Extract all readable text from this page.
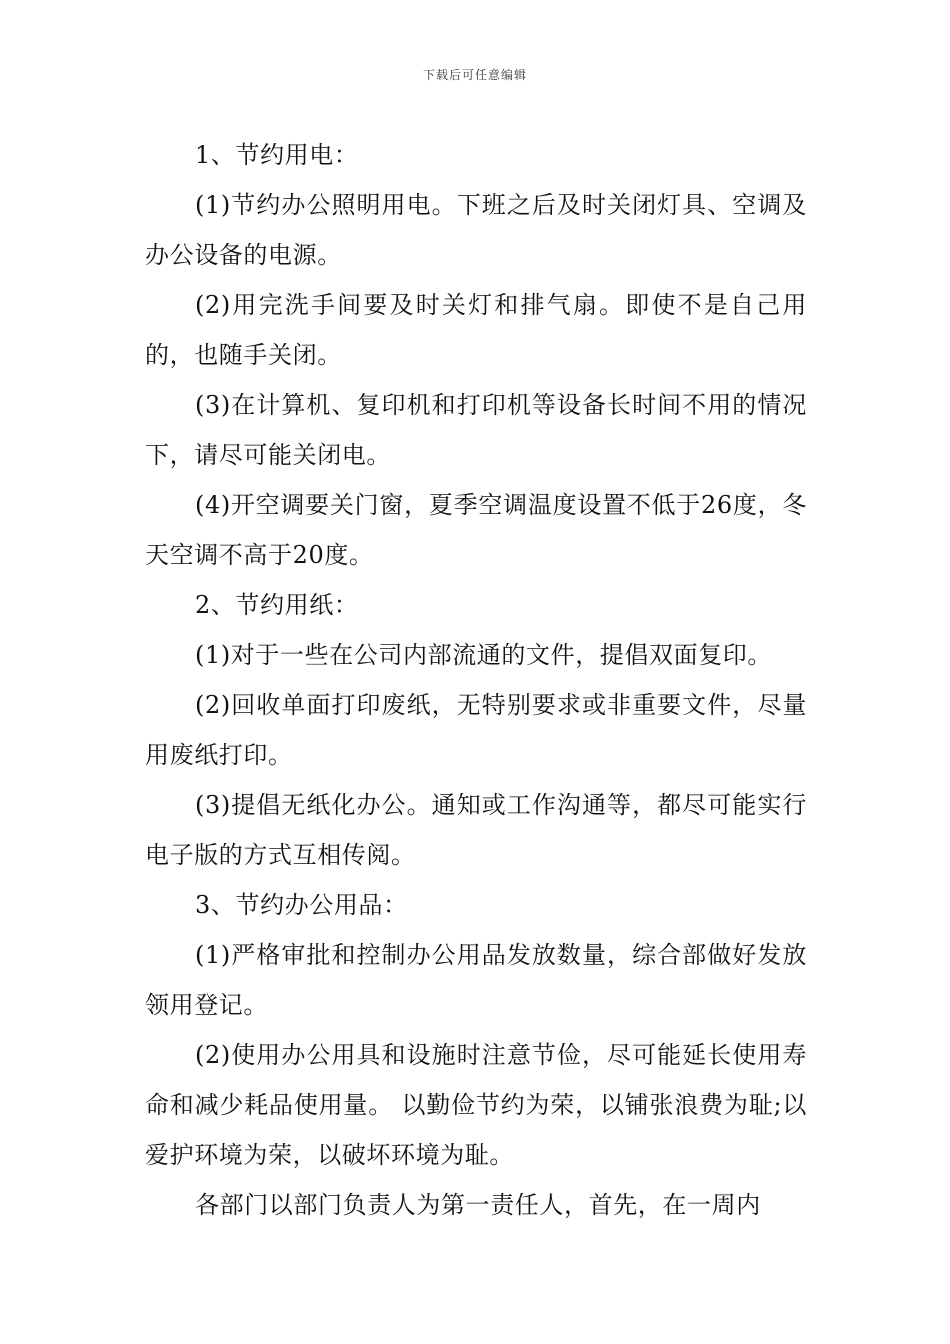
下载后可任意编辑

1、节约用电：

(1)节约办公照明用电。下班之后及时关闭灯具、空调及办公设备的电源。

(2)用完洗手间要及时关灯和排气扇。即使不是自己用的，也随手关闭。

(3)在计算机、复印机和打印机等设备长时间不用的情况下，请尽可能关闭电。

(4)开空调要关门窗，夏季空调温度设置不低于26度，冬天空调不高于20度。

2、节约用纸：

(1)对于一些在公司内部流通的文件，提倡双面复印。

(2)回收单面打印废纸，无特别要求或非重要文件，尽量用废纸打印。

(3)提倡无纸化办公。通知或工作沟通等，都尽可能实行电子版的方式互相传阅。

3、节约办公用品：

(1)严格审批和控制办公用品发放数量，综合部做好发放领用登记。

(2)使用办公用具和设施时注意节俭，尽可能延长使用寿命和减少耗品使用量。 以勤俭节约为荣，以铺张浪费为耻;以爱护环境为荣，以破坏环境为耻。

各部门以部门负责人为第一责任人，首先，在一周内
